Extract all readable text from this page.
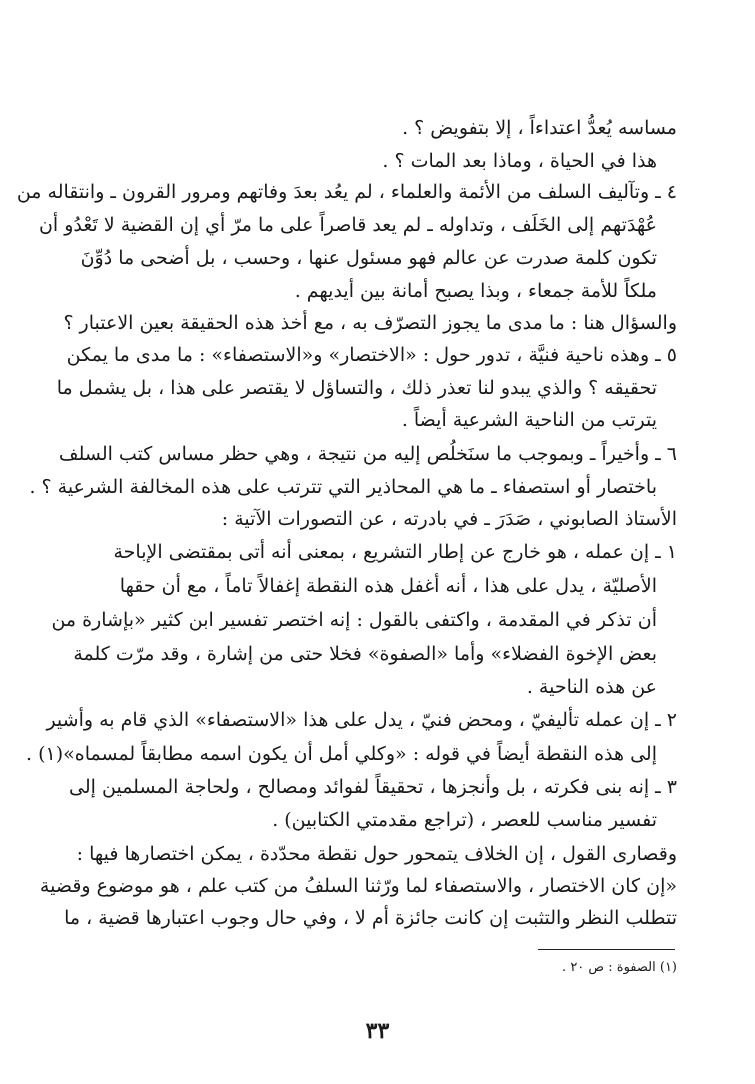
مساسه يُعدُّ اعتداءاً ، إلا بتفويض ؟ .
هذا في الحياة ، وماذا بعد المات ؟ .
٤ ـ وتآليف السلف من الأئمة والعلماء ، لم يعُد بعدَ وفاتهم ومرور القرون ـ وانتقاله من
عُهْدَتهم إلى الخَلَف ، وتداوله ـ لم يعد قاصراً على ما مرّ أي إن القضية لا تَعْدُو أن
تكون كلمة صدرت عن عالم فهو مسئول عنها ، وحسب ، بل أضحى ما دُوِّنَ
ملكاً للأمة جمعاء ، وبذا يصبح أمانة بين أيديهم .
والسؤال هنا : ما مدى ما يجوز التصرّف به ، مع أخذ هذه الحقيقة بعين الاعتبار ؟
٥ ـ وهذه ناحية فنيَّة ، تدور حول : «الاختصار» و«الاستصفاء» : ما مدى ما يمكن
تحقيقه ؟ والذي يبدو لنا تعذر ذلك ، والتساؤل لا يقتصر على هذا ، بل يشمل ما
يترتب من الناحية الشرعية أيضاً .
٦ ـ وأخيراً ـ وبموجب ما سنَخلُص إليه من نتيجة ، وهي حظر مساس كتب السلف
باختصار أو استصفاء ـ ما هي المحاذير التي تترتب على هذه المخالفة الشرعية ؟ .
الأستاذ الصابوني ، صَدَرَ ـ في بادرته ، عن التصورات الآتية :
١ ـ إن عمله ، هو خارج عن إطار التشريع ، بمعنى أنه أتى بمقتضى الإباحة
الأصليّة ، يدل على هذا ، أنه أغفل هذه النقطة إغفالاً تاماً ، مع أن حقها
أن تذكر في المقدمة ، واكتفى بالقول : إنه اختصر تفسير ابن كثير «بإشارة من
بعض الإخوة الفضلاء» وأما «الصفوة» فخلا حتى من إشارة ، وقد مرّت كلمة
عن هذه الناحية .
٢ ـ إن عمله تأليفيّ ، ومحض فنيّ ، يدل على هذا «الاستصفاء» الذي قام به وأشير
إلى هذه النقطة أيضاً في قوله : «وكلي أمل أن يكون اسمه مطابقاً لمسماه»(١) .
٣ ـ إنه بنى فكرته ، بل وأنجزها ، تحقيقاً لفوائد ومصالح ، ولحاجة المسلمين إلى
تفسير مناسب للعصر ، (تراجع مقدمتي الكتابين) .
وقصارى القول ، إن الخلاف يتمحور حول نقطة محدّدة ، يمكن اختصارها فيها :
«إن كان الاختصار ، والاستصفاء لما ورّثنا السلفُ من كتب علم ، هو موضوع وقضية
تتطلب النظر والتثبت إن كانت جائزة أم لا ، وفي حال وجوب اعتبارها قضية ، ما
(١) الصفوة : ص ٢٠ .
٣٣
